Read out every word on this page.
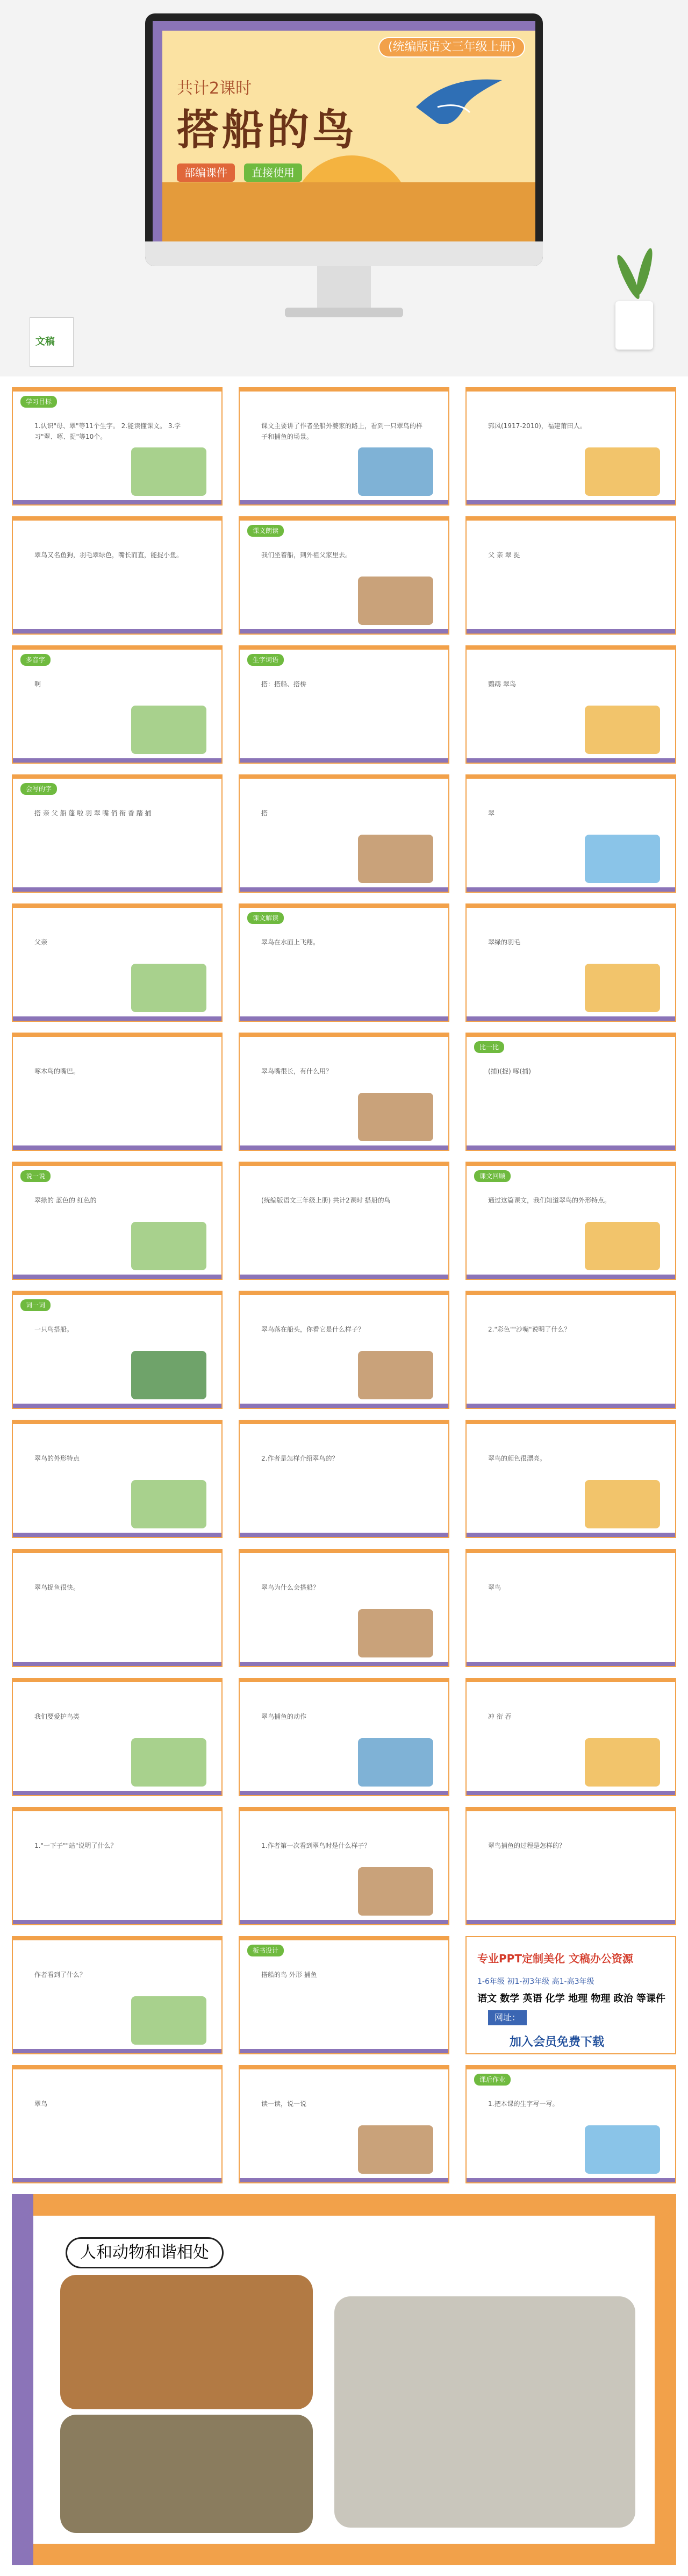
(统编版语文三年级上册)
共计2课时
搭船的鸟
部编课件	直接使用
文稿
学习目标
1.认识"母、翠"等11个生字。 2.能读懂课文。 3.学习"翠、啄、捉"等10个。
课文主要讲了作者坐船外婆家的路上，看到一只翠鸟的样子和捕鱼的场景。
郭风(1917-2010)，福建莆田人。
翠鸟又名鱼狗，羽毛翠绿色，嘴长而直，能捉小鱼。
课文朗读
我们坐着船，到外祖父家里去。	父 亲 翠 捉
多音字
啊
生字词语
搭：搭船、搭桥	鹦鹉 翠鸟
会写的字
搭 亲 父 船 蓬 啦 羽 翠 嘴 俏 衔 香 踏 捕	搭	翠
父亲
课文解读
翠鸟在水面上飞翔。	翠绿的羽毛
啄木鸟的嘴巴。	翠鸟嘴很长，有什么用？
比一比
(捕)(捉) 啄(捕)
说一说
翠绿的 蓝色的 红色的	(统编版语文三年级上册) 共计2课时 搭船的鸟
课文回顾
通过这篇课文，我们知道翠鸟的外形特点。
词一词
一只鸟搭船。	翠鸟落在船头，你看它是什么样子？	2."彩色""沙嘴"说明了什么？
翠鸟的外形特点	2.作者是怎样介绍翠鸟的？	翠鸟的颜色很漂亮。
翠鸟捉鱼很快。	翠鸟为什么会搭船？	翠鸟
我们要爱护鸟类	翠鸟捕鱼的动作	冲 衔 吞
1."一下子""站"说明了什么？	1.作者第一次看到翠鸟时是什么样子？	翠鸟捕鱼的过程是怎样的？
作者看到了什么？
板书设计
搭船的鸟 外形 捕鱼
专业PPT定制美化 文稿办公资源
1-6年级 初1-初3年级 高1-高3年级
语文 数学 英语 化学 地理 物理 政治 等课件
网址：
加入会员免费下载
翠鸟	读一读，说一说
课后作业
1.把本课的生字写一写。
人和动物和谐相处
